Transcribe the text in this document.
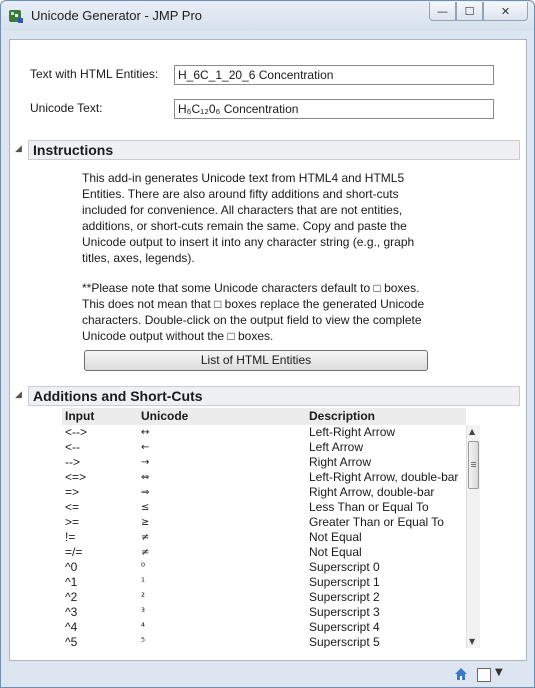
Unicode Generator - JMP Pro	— ☐ ✕
Text with HTML Entities:	H_6C_1_20_6 Concentration
Unicode Text:	H₆C₁₂0₆ Concentration
◢ Instructions
This add-in generates Unicode text from HTML4 and HTML5
Entities. There are also around fifty additions and short-cuts
included for convenience. All characters that are not entities,
additions, or short-cuts remain the same. Copy and paste the
Unicode output to insert it into any character string (e.g., graph
titles, axes, legends).
**Please note that some Unicode characters default to □ boxes.
This does not mean that □ boxes replace the generated Unicode
characters. Double-click on the output field to view the complete
Unicode output without the □ boxes.
List of HTML Entities
◢ Additions and Short-Cuts
Input	Unicode	Description
<-->	↔	Left-Right Arrow
<--	←	Left Arrow
-->	→	Right Arrow
<=>	⇔	Left-Right Arrow, double-bar
=>	⇒	Right Arrow, double-bar
<=	≤	Less Than or Equal To
>=	≥	Greater Than or Equal To
!=	≠	Not Equal
=/=	≠	Not Equal
^0	⁰	Superscript 0
^1	¹	Superscript 1
^2	²	Superscript 2
^3	³	Superscript 3
^4	⁴	Superscript 4
^5	⁵	Superscript 5
▲
▼
▼
